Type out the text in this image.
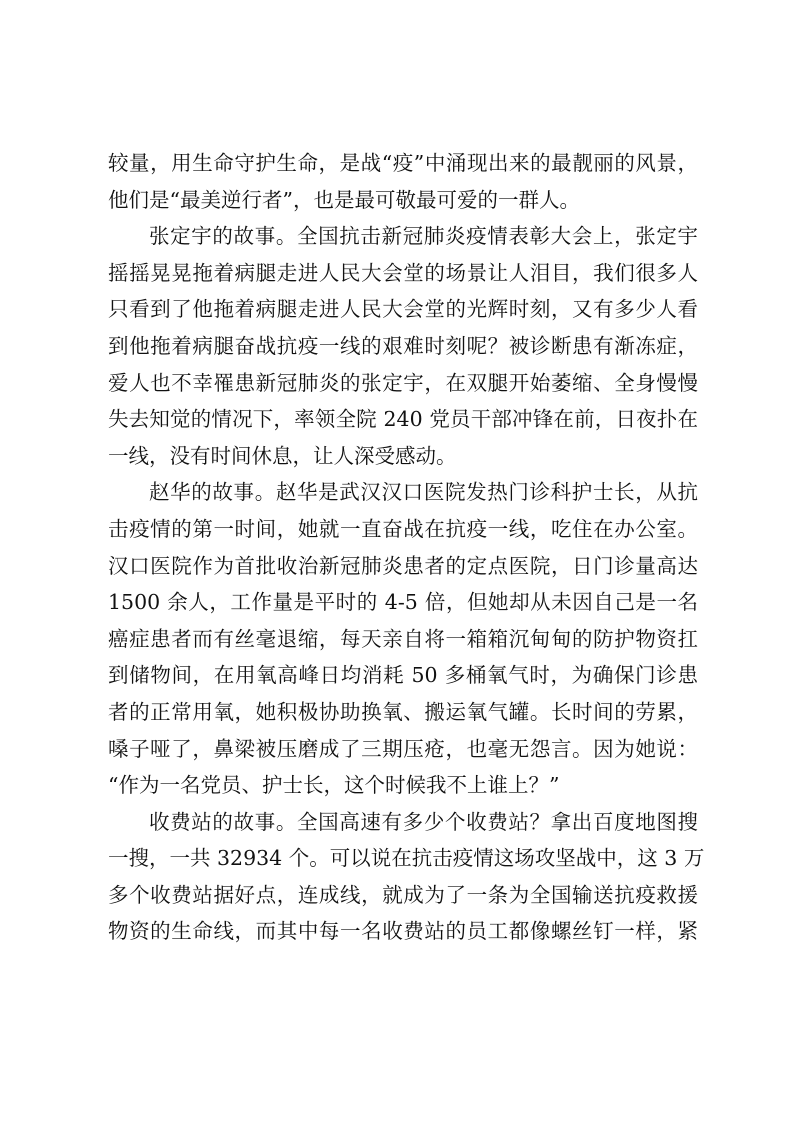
较量，用生命守护生命，是战“疫”中涌现出来的最靓丽的风景，
他们是“最美逆行者”，也是最可敬最可爱的一群人。

张定宇的故事。全国抗击新冠肺炎疫情表彰大会上，张定宇
摇摇晃晃拖着病腿走进人民大会堂的场景让人泪目，我们很多人
只看到了他拖着病腿走进人民大会堂的光辉时刻，又有多少人看
到他拖着病腿奋战抗疫一线的艰难时刻呢？被诊断患有渐冻症，
爱人也不幸罹患新冠肺炎的张定宇，在双腿开始萎缩、全身慢慢
失去知觉的情况下，率领全院 240 党员干部冲锋在前，日夜扑在
一线，没有时间休息，让人深受感动。

赵华的故事。赵华是武汉汉口医院发热门诊科护士长，从抗
击疫情的第一时间，她就一直奋战在抗疫一线，吃住在办公室。
汉口医院作为首批收治新冠肺炎患者的定点医院，日门诊量高达
1500 余人，工作量是平时的 4-5 倍，但她却从未因自己是一名
癌症患者而有丝毫退缩，每天亲自将一箱箱沉甸甸的防护物资扛
到储物间，在用氧高峰日均消耗 50 多桶氧气时，为确保门诊患
者的正常用氧，她积极协助换氧、搬运氧气罐。长时间的劳累，
嗓子哑了，鼻梁被压磨成了三期压疮，也毫无怨言。因为她说：
“作为一名党员、护士长，这个时候我不上谁上？”

收费站的故事。全国高速有多少个收费站？拿出百度地图搜
一搜，一共 32934 个。可以说在抗击疫情这场攻坚战中，这 3 万
多个收费站据好点，连成线，就成为了一条为全国输送抗疫救援
物资的生命线，而其中每一名收费站的员工都像螺丝钉一样，紧
